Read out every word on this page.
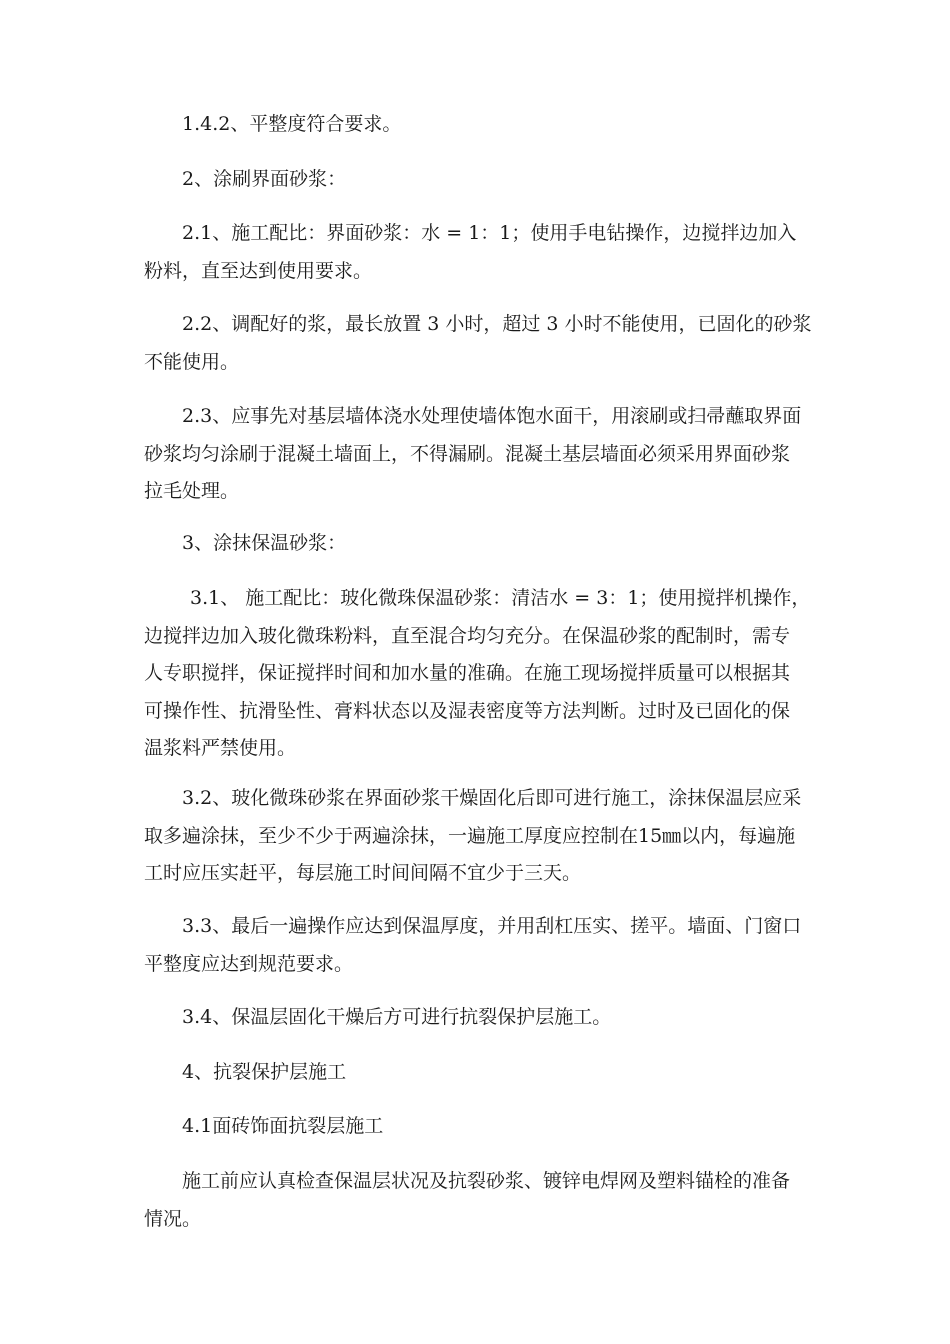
1.4.2、平整度符合要求。
2、涂刷界面砂浆：
2.1、施工配比：界面砂浆：水 = 1：1；使用手电钻操作，边搅拌边加入
粉料，直至达到使用要求。
2.2、调配好的浆，最长放置 3 小时，超过 3 小时不能使用，已固化的砂浆
不能使用。
2.3、应事先对基层墙体浇水处理使墙体饱水面干，用滚刷或扫帚蘸取界面
砂浆均匀涂刷于混凝土墙面上，不得漏刷。混凝土基层墙面必须采用界面砂浆
拉毛处理。
3、涂抹保温砂浆：
3.1、 施工配比：玻化微珠保温砂浆：清洁水 = 3：1；使用搅拌机操作，
边搅拌边加入玻化微珠粉料，直至混合均匀充分。在保温砂浆的配制时，需专
人专职搅拌，保证搅拌时间和加水量的准确。在施工现场搅拌质量可以根据其
可操作性、抗滑坠性、膏料状态以及湿表密度等方法判断。过时及已固化的保
温浆料严禁使用。
3.2、玻化微珠砂浆在界面砂浆干燥固化后即可进行施工，涂抹保温层应采
取多遍涂抹，至少不少于两遍涂抹，一遍施工厚度应控制在15㎜以内，每遍施
工时应压实赶平，每层施工时间间隔不宜少于三天。
3.3、最后一遍操作应达到保温厚度，并用刮杠压实、搓平。墙面、门窗口
平整度应达到规范要求。
3.4、保温层固化干燥后方可进行抗裂保护层施工。
4、抗裂保护层施工
4.1面砖饰面抗裂层施工
施工前应认真检查保温层状况及抗裂砂浆、镀锌电焊网及塑料锚栓的准备
情况。
